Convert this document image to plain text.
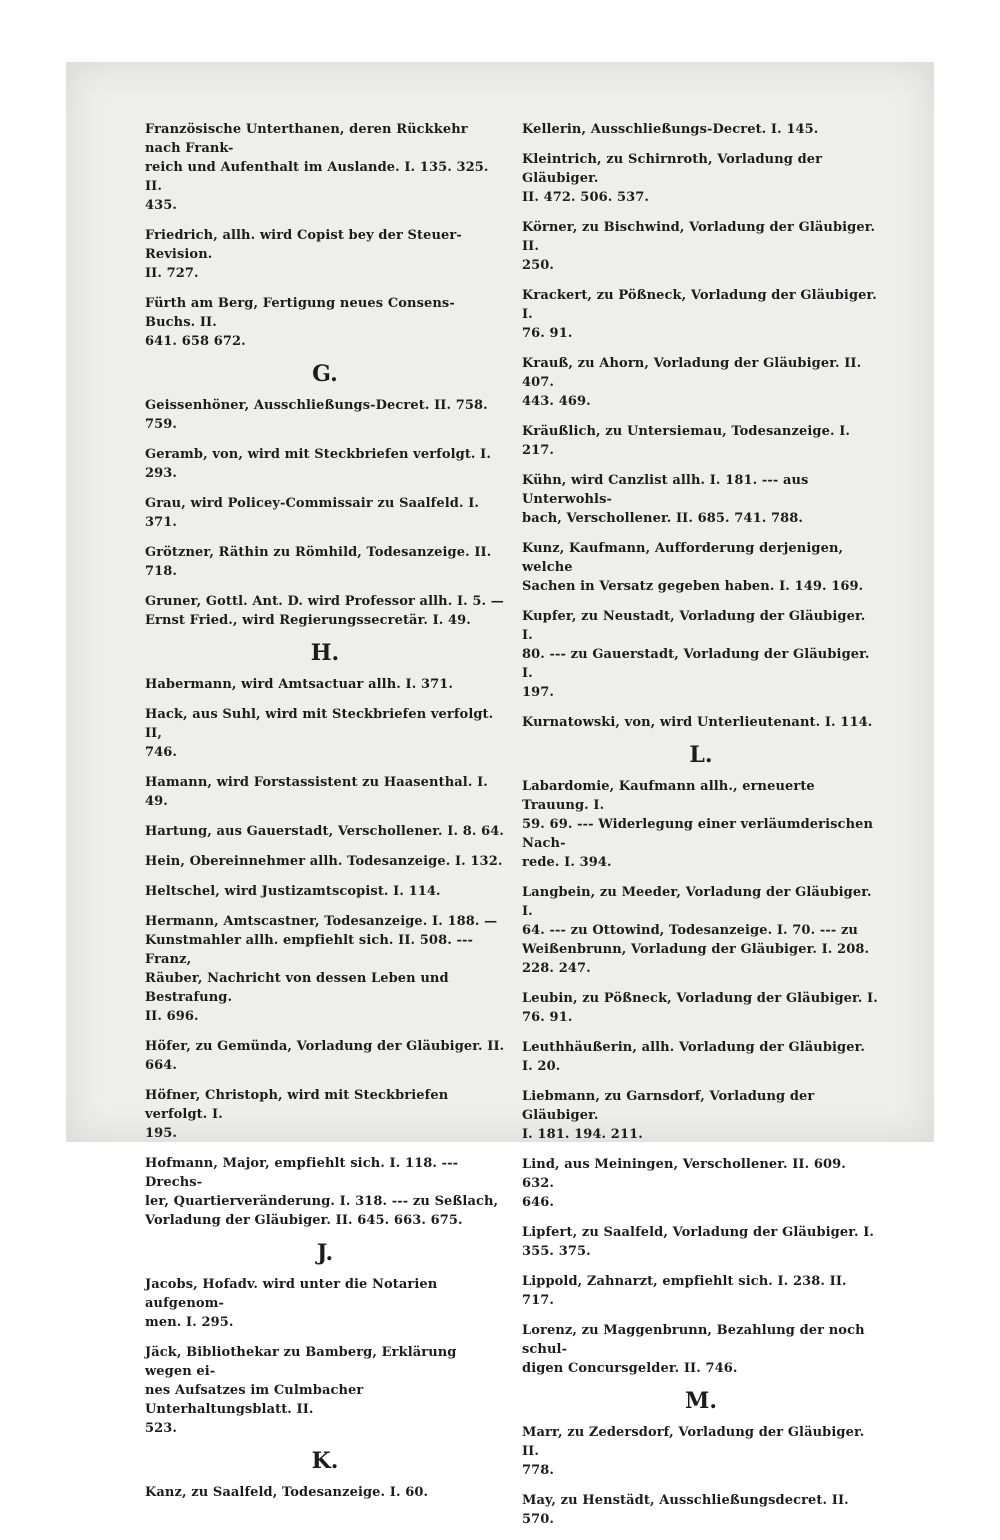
Französische Unterthanen, deren Rückkehr nach Frank-
reich und Aufenthalt im Auslande. I. 135. 325. II.
435.
Friedrich, allh. wird Copist bey der Steuer-Revision.
II. 727.
Fürth am Berg, Fertigung neues Consens-Buchs. II.
641. 658 672.
G.
Geissenhöner, Ausschließungs-Decret. II. 758. 759.
Geramb, von, wird mit Steckbriefen verfolgt. I. 293.
Grau, wird Policey-Commissair zu Saalfeld. I. 371.
Grötzner, Räthin zu Römhild, Todesanzeige. II. 718.
Gruner, Gottl. Ant. D. wird Professor allh. I. 5. —
Ernst Fried., wird Regierungssecretär. I. 49.
H.
Habermann, wird Amtsactuar allh. I. 371.
Hack, aus Suhl, wird mit Steckbriefen verfolgt. II,
746.
Hamann, wird Forstassistent zu Haasenthal. I. 49.
Hartung, aus Gauerstadt, Verschollener. I. 8. 64.
Hein, Obereinnehmer allh. Todesanzeige. I. 132.
Heltschel, wird Justizamtscopist. I. 114.
Hermann, Amtscastner, Todesanzeige. I. 188. —
Kunstmahler allh. empfiehlt sich. II. 508. --- Franz,
Räuber, Nachricht von dessen Leben und Bestrafung.
II. 696.
Höfer, zu Gemünda, Vorladung der Gläubiger. II.
664.
Höfner, Christoph, wird mit Steckbriefen verfolgt. I.
195.
Hofmann, Major, empfiehlt sich. I. 118. --- Drechs-
ler, Quartierveränderung. I. 318. --- zu Seßlach,
Vorladung der Gläubiger. II. 645. 663. 675.
J.
Jacobs, Hofadv. wird unter die Notarien aufgenom-
men. I. 295.
Jäck, Bibliothekar zu Bamberg, Erklärung wegen ei-
nes Aufsatzes im Culmbacher Unterhaltungsblatt. II.
523.
K.
Kanz, zu Saalfeld, Todesanzeige. I. 60.
Kellerin, Ausschließungs-Decret. I. 145.
Kleintrich, zu Schirnroth, Vorladung der Gläubiger.
II. 472. 506. 537.
Körner, zu Bischwind, Vorladung der Gläubiger. II.
250.
Krackert, zu Pößneck, Vorladung der Gläubiger. I.
76. 91.
Krauß, zu Ahorn, Vorladung der Gläubiger. II. 407.
443. 469.
Kräußlich, zu Untersiemau, Todesanzeige. I. 217.
Kühn, wird Canzlist allh. I. 181. --- aus Unterwohls-
bach, Verschollener. II. 685. 741. 788.
Kunz, Kaufmann, Aufforderung derjenigen, welche
Sachen in Versatz gegeben haben. I. 149. 169.
Kupfer, zu Neustadt, Vorladung der Gläubiger. I.
80. --- zu Gauerstadt, Vorladung der Gläubiger. I.
197.
Kurnatowski, von, wird Unterlieutenant. I. 114.
L.
Labardomie, Kaufmann allh., erneuerte Trauung. I.
59. 69. --- Widerlegung einer verläumderischen Nach-
rede. I. 394.
Langbein, zu Meeder, Vorladung der Gläubiger. I.
64. --- zu Ottowind, Todesanzeige. I. 70. --- zu
Weißenbrunn, Vorladung der Gläubiger. I. 208.
228. 247.
Leubin, zu Pößneck, Vorladung der Gläubiger. I.
76. 91.
Leuthhäußerin, allh. Vorladung der Gläubiger. I. 20.
Liebmann, zu Garnsdorf, Vorladung der Gläubiger.
I. 181. 194. 211.
Lind, aus Meiningen, Verschollener. II. 609. 632.
646.
Lipfert, zu Saalfeld, Vorladung der Gläubiger. I.
355. 375.
Lippold, Zahnarzt, empfiehlt sich. I. 238. II. 717.
Lorenz, zu Maggenbrunn, Bezahlung der noch schul-
digen Concursgelder. II. 746.
M.
Marr, zu Zedersdorf, Vorladung der Gläubiger. II.
778.
May, zu Henstädt, Ausschließungsdecret. II. 570.
